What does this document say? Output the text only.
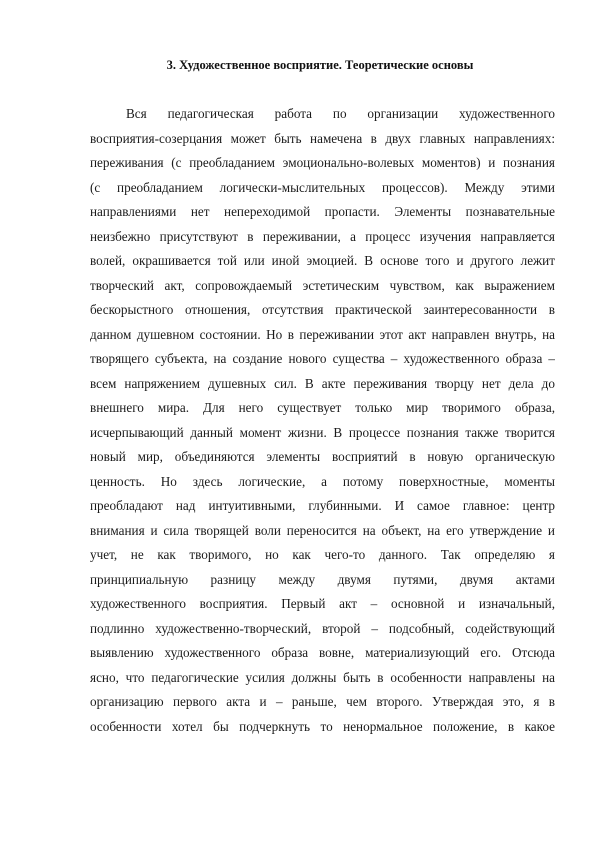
3. Художественное восприятие. Теоретические основы
Вся педагогическая работа по организации художественного
восприятия-созерцания может быть намечена в двух главных направлениях:
переживания (с преобладанием эмоционально-волевых моментов) и познания
(с преобладанием логически-мыслительных процессов). Между этими
направлениями нет непереходимой пропасти. Элементы познавательные
неизбежно присутствуют в переживании, а процесс изучения направляется
волей, окрашивается той или иной эмоцией. В основе того и другого лежит
творческий акт, сопровождаемый эстетическим чувством, как выражением
бескорыстного отношения, отсутствия практической заинтересованности в
данном душевном состоянии. Но в переживании этот акт направлен внутрь, на
творящего субъекта, на создание нового существа – художественного образа –
всем напряжением душевных сил. В акте переживания творцу нет дела до
внешнего мира. Для него существует только мир творимого образа,
исчерпывающий данный момент жизни. В процессе познания также творится
новый мир, объединяются элементы восприятий в новую органическую
ценность. Но здесь логические, а потому поверхностные, моменты
преобладают над интуитивными, глубинными. И самое главное: центр
внимания и сила творящей воли переносится на объект, на его утверждение и
учет, не как творимого, но как чего-то данного. Так определяю я
принципиальную разницу между двумя путями, двумя актами
художественного восприятия. Первый акт – основной и изначальный,
подлинно художественно-творческий, второй – подсобный, содействующий
выявлению художественного образа вовне, материализующий его. Отсюда
ясно, что педагогические усилия должны быть в особенности направлены на
организацию первого акта и – раньше, чем второго. Утверждая это, я в
особенности хотел бы подчеркнуть то ненормальное положение, в какое
